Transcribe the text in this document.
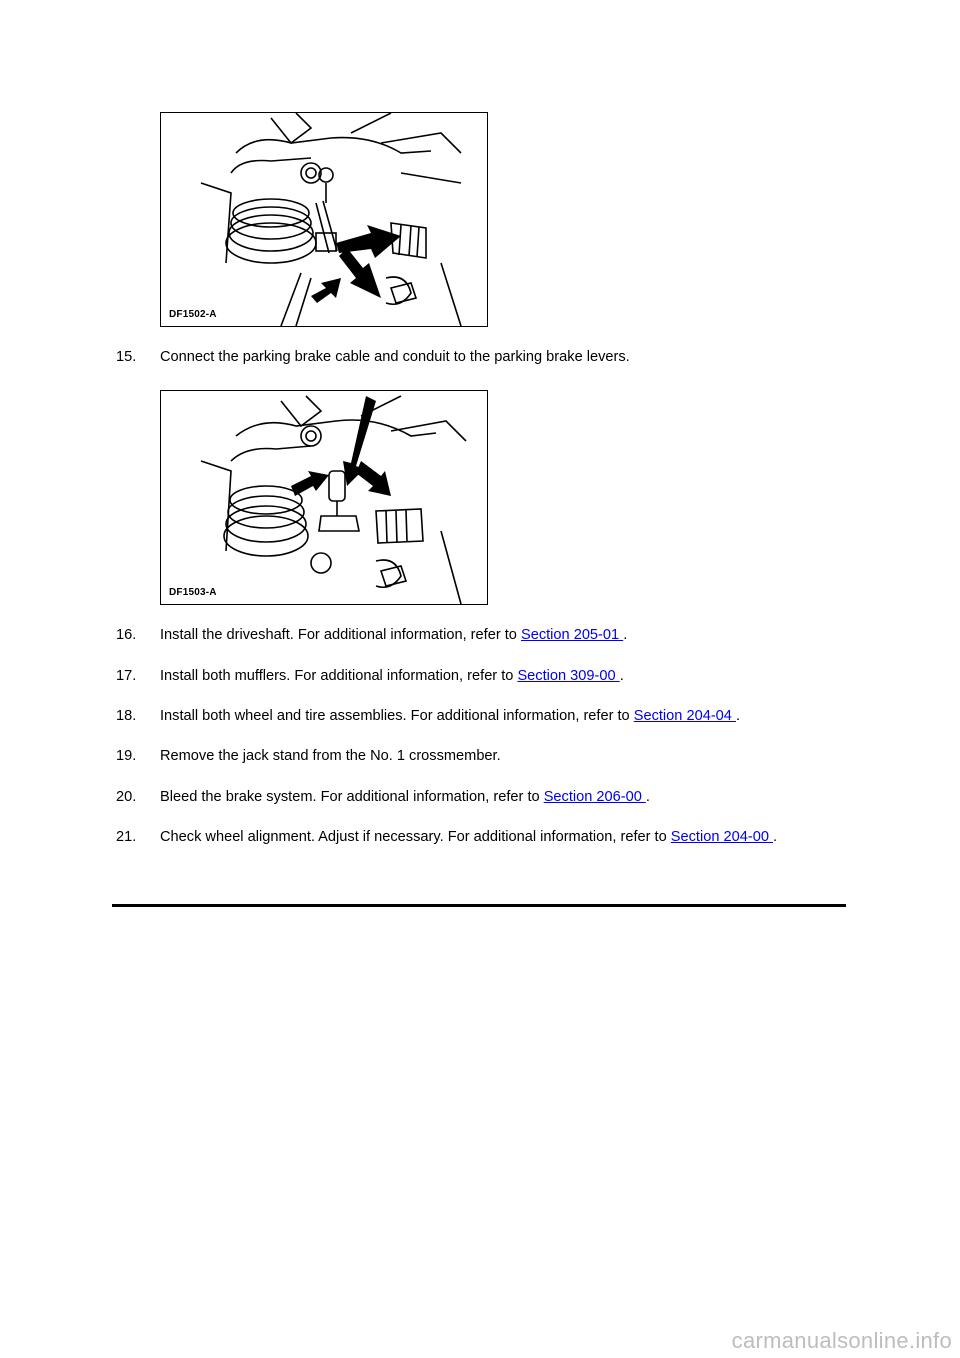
DF1502-A
15. Connect the parking brake cable and conduit to the parking brake levers.
DF1503-A
16. Install the driveshaft. For additional information, refer to Section 205-01 .
17. Install both mufflers. For additional information, refer to Section 309-00 .
18. Install both wheel and tire assemblies. For additional information, refer to Section 204-04 .
19. Remove the jack stand from the No. 1 crossmember.
20. Bleed the brake system. For additional information, refer to Section 206-00 .
21. Check wheel alignment. Adjust if necessary. For additional information, refer to Section 204-00 .
carmanualsonline.info
